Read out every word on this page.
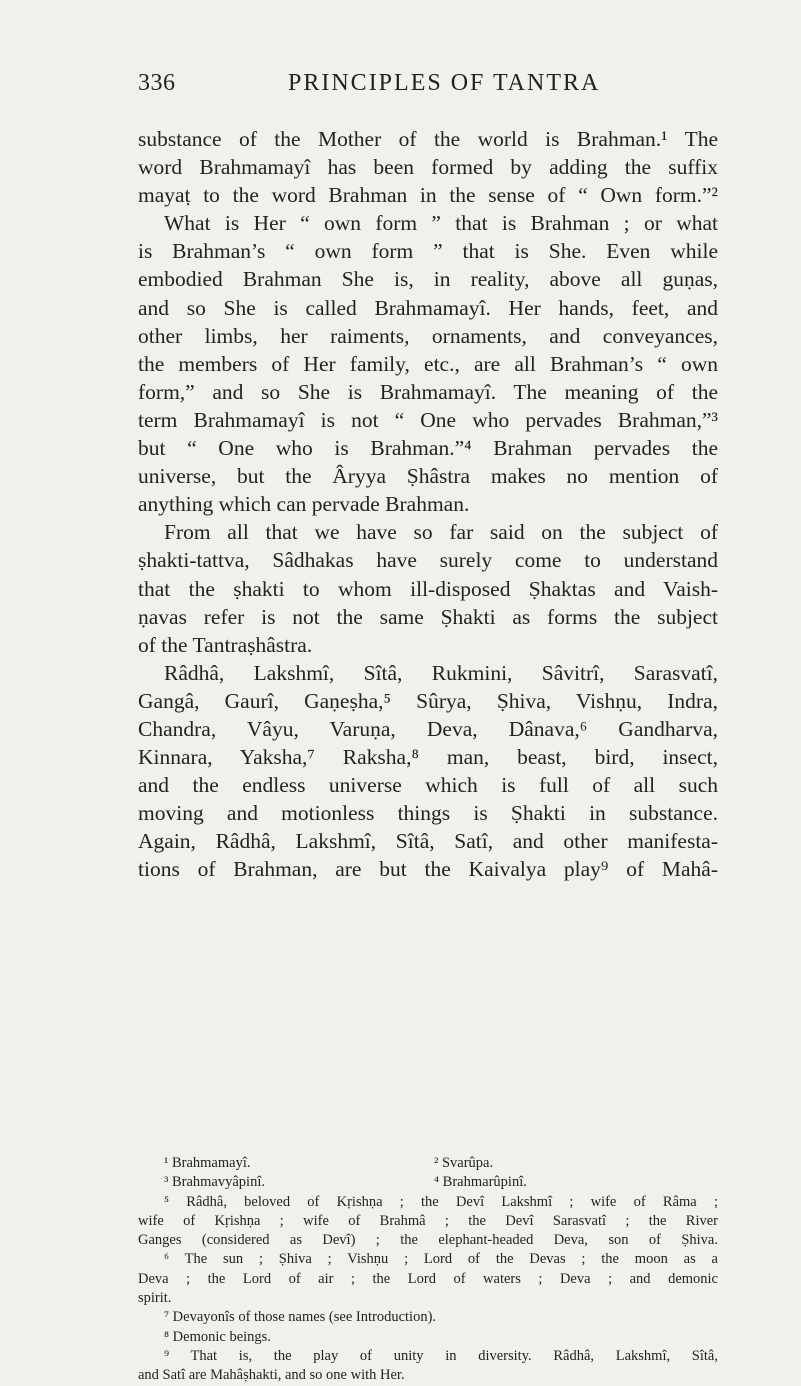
336	PRINCIPLES OF TANTRA
substance of the Mother of the world is Brahman.¹ The
word Brahmamayî has been formed by adding the suffix
mayaṭ to the word Brahman in the sense of “ Own form.”²
What is Her “ own form ” that is Brahman ; or what
is Brahman’s “ own form ” that is She. Even while
embodied Brahman She is, in reality, above all guṇas,
and so She is called Brahmamayî. Her hands, feet, and
other limbs, her raiments, ornaments, and conveyances,
the members of Her family, etc., are all Brahman’s “ own
form,” and so She is Brahmamayî. The meaning of the
term Brahmamayî is not “ One who pervades Brahman,”³
but “ One who is Brahman.”⁴ Brahman pervades the
universe, but the Âryya Ṣhâstra makes no mention of
anything which can pervade Brahman.
From all that we have so far said on the subject of
ṣhakti-tattva, Sâdhakas have surely come to understand
that the ṣhakti to whom ill-disposed Ṣhaktas and Vaish-
ṇavas refer is not the same Ṣhakti as forms the subject
of the Tantraṣhâstra.
Râdhâ, Lakshmî, Sîtâ, Rukmini, Sâvitrî, Sarasvatî,
Gangâ, Gaurî, Gaṇeṣha,⁵ Sûrya, Ṣhiva, Vishṇu, Indra,
Chandra, Vâyu, Varuṇa, Deva, Dânava,⁶ Gandharva,
Kinnara, Yaksha,⁷ Raksha,⁸ man, beast, bird, insect,
and the endless universe which is full of all such
moving and motionless things is Ṣhakti in substance.
Again, Râdhâ, Lakshmî, Sîtâ, Satî, and other manifesta-
tions of Brahman, are but the Kaivalya play⁹ of Mahâ-
¹ Brahmamayî.	² Svarûpa.
³ Brahmavyâpinî.	⁴ Brahmarûpinî.
⁵ Râdhâ, beloved of Kṛishṇa ; the Devî Lakshmî ; wife of Râma ;
wife of Kṛishṇa ; wife of Brahmâ ; the Devî Sarasvatî ; the River
Ganges (considered as Devî) ; the elephant-headed Deva, son of Ṣhiva.
⁶ The sun ; Ṣhiva ; Vishṇu ; Lord of the Devas ; the moon as a
Deva ; the Lord of air ; the Lord of waters ; Deva ; and demonic
spirit.
⁷ Devayonîs of those names (see Introduction).
⁸ Demonic beings.
⁹ That is, the play of unity in diversity. Râdhâ, Lakshmî, Sîtâ,
and Satî are Mahâṣhakti, and so one with Her.
